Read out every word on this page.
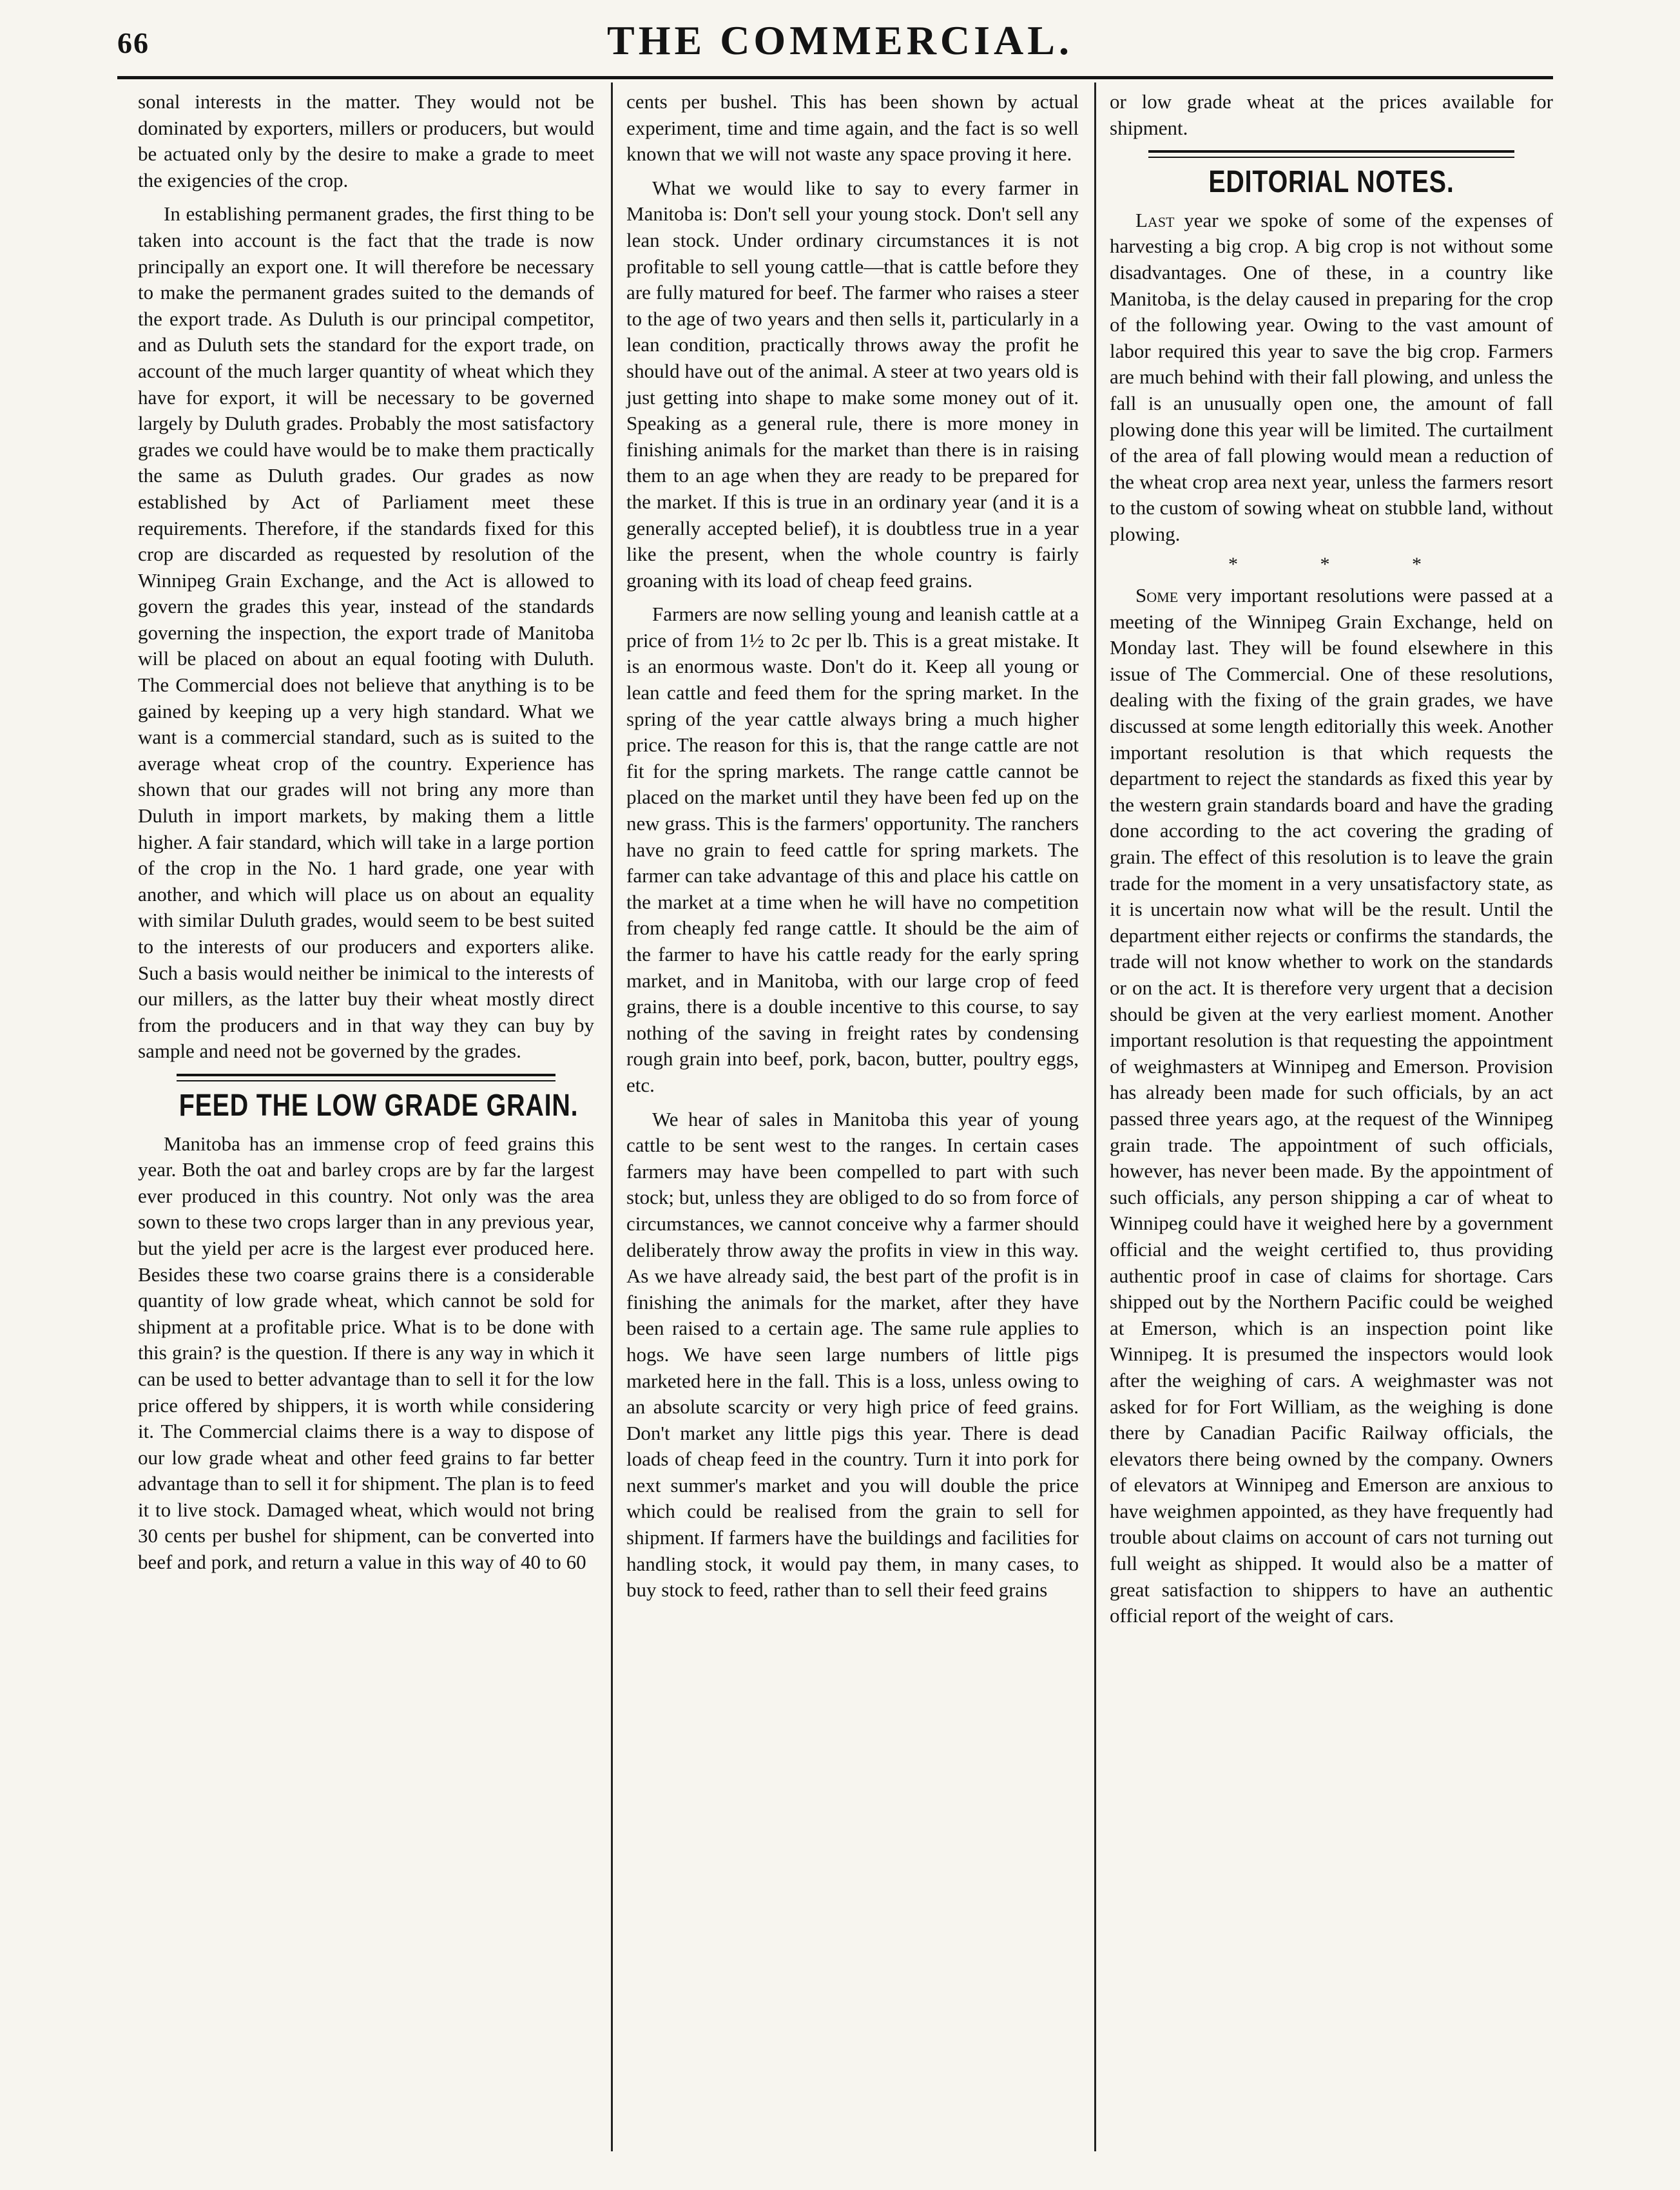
66	THE COMMERCIAL.

sonal interests in the matter. They would not be dominated by exporters, millers or producers, but would be actuated only by the desire to make a grade to meet the exigencies of the crop.

In establishing permanent grades, the first thing to be taken into account is the fact that the trade is now principally an export one. It will therefore be necessary to make the permanent grades suited to the demands of the export trade. As Duluth is our principal competitor, and as Duluth sets the standard for the export trade, on account of the much larger quantity of wheat which they have for export, it will be necessary to be governed largely by Duluth grades. Probably the most satisfactory grades we could have would be to make them practically the same as Duluth grades. Our grades as now established by Act of Parliament meet these requirements. Therefore, if the standards fixed for this crop are discarded as requested by resolution of the Winnipeg Grain Exchange, and the Act is allowed to govern the grades this year, instead of the standards governing the inspection, the export trade of Manitoba will be placed on about an equal footing with Duluth. The Commercial does not believe that anything is to be gained by keeping up a very high standard. What we want is a commercial standard, such as is suited to the average wheat crop of the country. Experience has shown that our grades will not bring any more than Duluth in import markets, by making them a little higher. A fair standard, which will take in a large portion of the crop in the No. 1 hard grade, one year with another, and which will place us on about an equality with similar Duluth grades, would seem to be best suited to the interests of our producers and exporters alike. Such a basis would neither be inimical to the interests of our millers, as the latter buy their wheat mostly direct from the producers and in that way they can buy by sample and need not be governed by the grades.

FEED THE LOW GRADE GRAIN.

Manitoba has an immense crop of feed grains this year. Both the oat and barley crops are by far the largest ever produced in this country. Not only was the area sown to these two crops larger than in any previous year, but the yield per acre is the largest ever produced here. Besides these two coarse grains there is a considerable quantity of low grade wheat, which cannot be sold for shipment at a profitable price. What is to be done with this grain? is the question. If there is any way in which it can be used to better advantage than to sell it for the low price offered by shippers, it is worth while considering it. The Commercial claims there is a way to dispose of our low grade wheat and other feed grains to far better advantage than to sell it for shipment. The plan is to feed it to live stock. Damaged wheat, which would not bring 30 cents per bushel for shipment, can be converted into beef and pork, and return a value in this way of 40 to 60

cents per bushel. This has been shown by actual experiment, time and time again, and the fact is so well known that we will not waste any space proving it here.

What we would like to say to every farmer in Manitoba is: Don't sell your young stock. Don't sell any lean stock. Under ordinary circumstances it is not profitable to sell young cattle—that is cattle before they are fully matured for beef. The farmer who raises a steer to the age of two years and then sells it, particularly in a lean condition, practically throws away the profit he should have out of the animal. A steer at two years old is just getting into shape to make some money out of it. Speaking as a general rule, there is more money in finishing animals for the market than there is in raising them to an age when they are ready to be prepared for the market. If this is true in an ordinary year (and it is a generally accepted belief), it is doubtless true in a year like the present, when the whole country is fairly groaning with its load of cheap feed grains.

Farmers are now selling young and leanish cattle at a price of from 1½ to 2c per lb. This is a great mistake. It is an enormous waste. Don't do it. Keep all young or lean cattle and feed them for the spring market. In the spring of the year cattle always bring a much higher price. The reason for this is, that the range cattle are not fit for the spring markets. The range cattle cannot be placed on the market until they have been fed up on the new grass. This is the farmers' opportunity. The ranchers have no grain to feed cattle for spring markets. The farmer can take advantage of this and place his cattle on the market at a time when he will have no competition from cheaply fed range cattle. It should be the aim of the farmer to have his cattle ready for the early spring market, and in Manitoba, with our large crop of feed grains, there is a double incentive to this course, to say nothing of the saving in freight rates by condensing rough grain into beef, pork, bacon, butter, poultry eggs, etc.

We hear of sales in Manitoba this year of young cattle to be sent west to the ranges. In certain cases farmers may have been compelled to part with such stock; but, unless they are obliged to do so from force of circumstances, we cannot conceive why a farmer should deliberately throw away the profits in view in this way. As we have already said, the best part of the profit is in finishing the animals for the market, after they have been raised to a certain age. The same rule applies to hogs. We have seen large numbers of little pigs marketed here in the fall. This is a loss, unless owing to an absolute scarcity or very high price of feed grains. Don't market any little pigs this year. There is dead loads of cheap feed in the country. Turn it into pork for next summer's market and you will double the price which could be realised from the grain to sell for shipment. If farmers have the buildings and facilities for handling stock, it would pay them, in many cases, to buy stock to feed, rather than to sell their feed grains

or low grade wheat at the prices available for shipment.

EDITORIAL NOTES.

Last year we spoke of some of the expenses of harvesting a big crop. A big crop is not without some disadvantages. One of these, in a country like Manitoba, is the delay caused in preparing for the crop of the following year. Owing to the vast amount of labor required this year to save the big crop. Farmers are much behind with their fall plowing, and unless the fall is an unusually open one, the amount of fall plowing done this year will be limited. The curtailment of the area of fall plowing would mean a reduction of the wheat crop area next year, unless the farmers resort to the custom of sowing wheat on stubble land, without plowing.

* * *

Some very important resolutions were passed at a meeting of the Winnipeg Grain Exchange, held on Monday last. They will be found elsewhere in this issue of The Commercial. One of these resolutions, dealing with the fixing of the grain grades, we have discussed at some length editorially this week. Another important resolution is that which requests the department to reject the standards as fixed this year by the western grain standards board and have the grading done according to the act covering the grading of grain. The effect of this resolution is to leave the grain trade for the moment in a very unsatisfactory state, as it is uncertain now what will be the result. Until the department either rejects or confirms the standards, the trade will not know whether to work on the standards or on the act. It is therefore very urgent that a decision should be given at the very earliest moment. Another important resolution is that requesting the appointment of weighmasters at Winnipeg and Emerson. Provision has already been made for such officials, by an act passed three years ago, at the request of the Winnipeg grain trade. The appointment of such officials, however, has never been made. By the appointment of such officials, any person shipping a car of wheat to Winnipeg could have it weighed here by a government official and the weight certified to, thus providing authentic proof in case of claims for shortage. Cars shipped out by the Northern Pacific could be weighed at Emerson, which is an inspection point like Winnipeg. It is presumed the inspectors would look after the weighing of cars. A weighmaster was not asked for for Fort William, as the weighing is done there by Canadian Pacific Railway officials, the elevators there being owned by the company. Owners of elevators at Winnipeg and Emerson are anxious to have weighmen appointed, as they have frequently had trouble about claims on account of cars not turning out full weight as shipped. It would also be a matter of great satisfaction to shippers to have an authentic official report of the weight of cars.
